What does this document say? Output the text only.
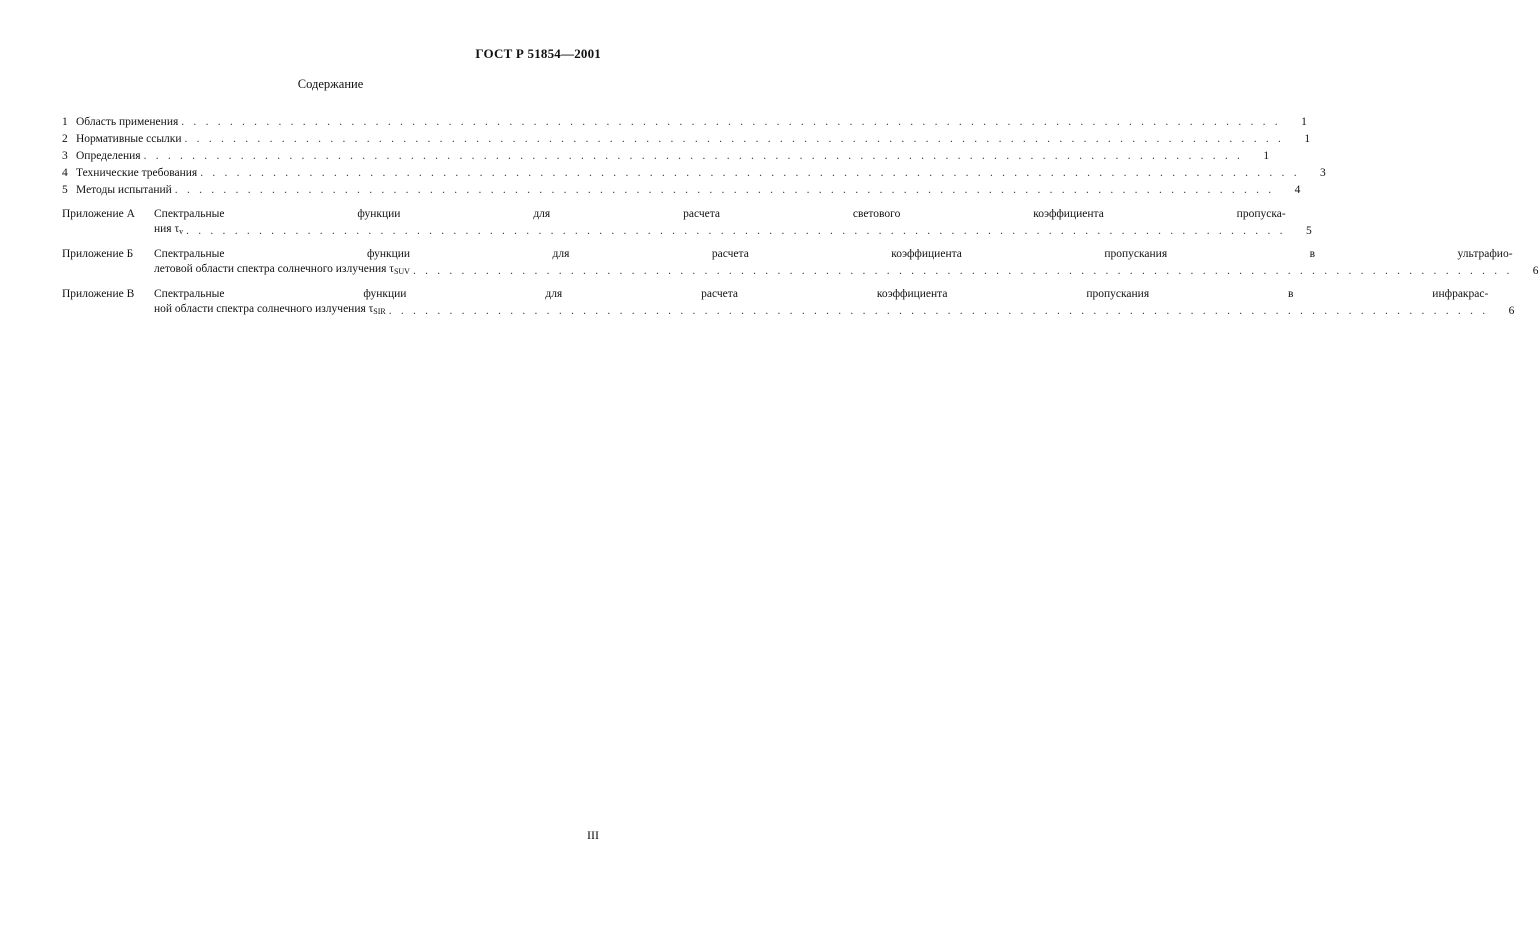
ГОСТ Р 51854—2001
Содержание
1 Область применения . . .	1
2 Нормативные ссылки . . .	1
3 Определения . . .	1
4 Технические требования . . .	3
5 Методы испытаний . . .	4
Приложение А	Спектральные функции для расчета светового коэффициента пропуска-
ния $\tau_v$ . . .	5
Приложение Б	Спектральные функции для расчета коэффициента пропускания в ультрафио-
летовой области спектра солнечного излучения $\tau_{SUV}$ . . .	6
Приложение В	Спектральные функции для расчета коэффициента пропускания в инфракрас-
ной области спектра солнечного излучения $\tau_{SIR}$ . . .	6
III
